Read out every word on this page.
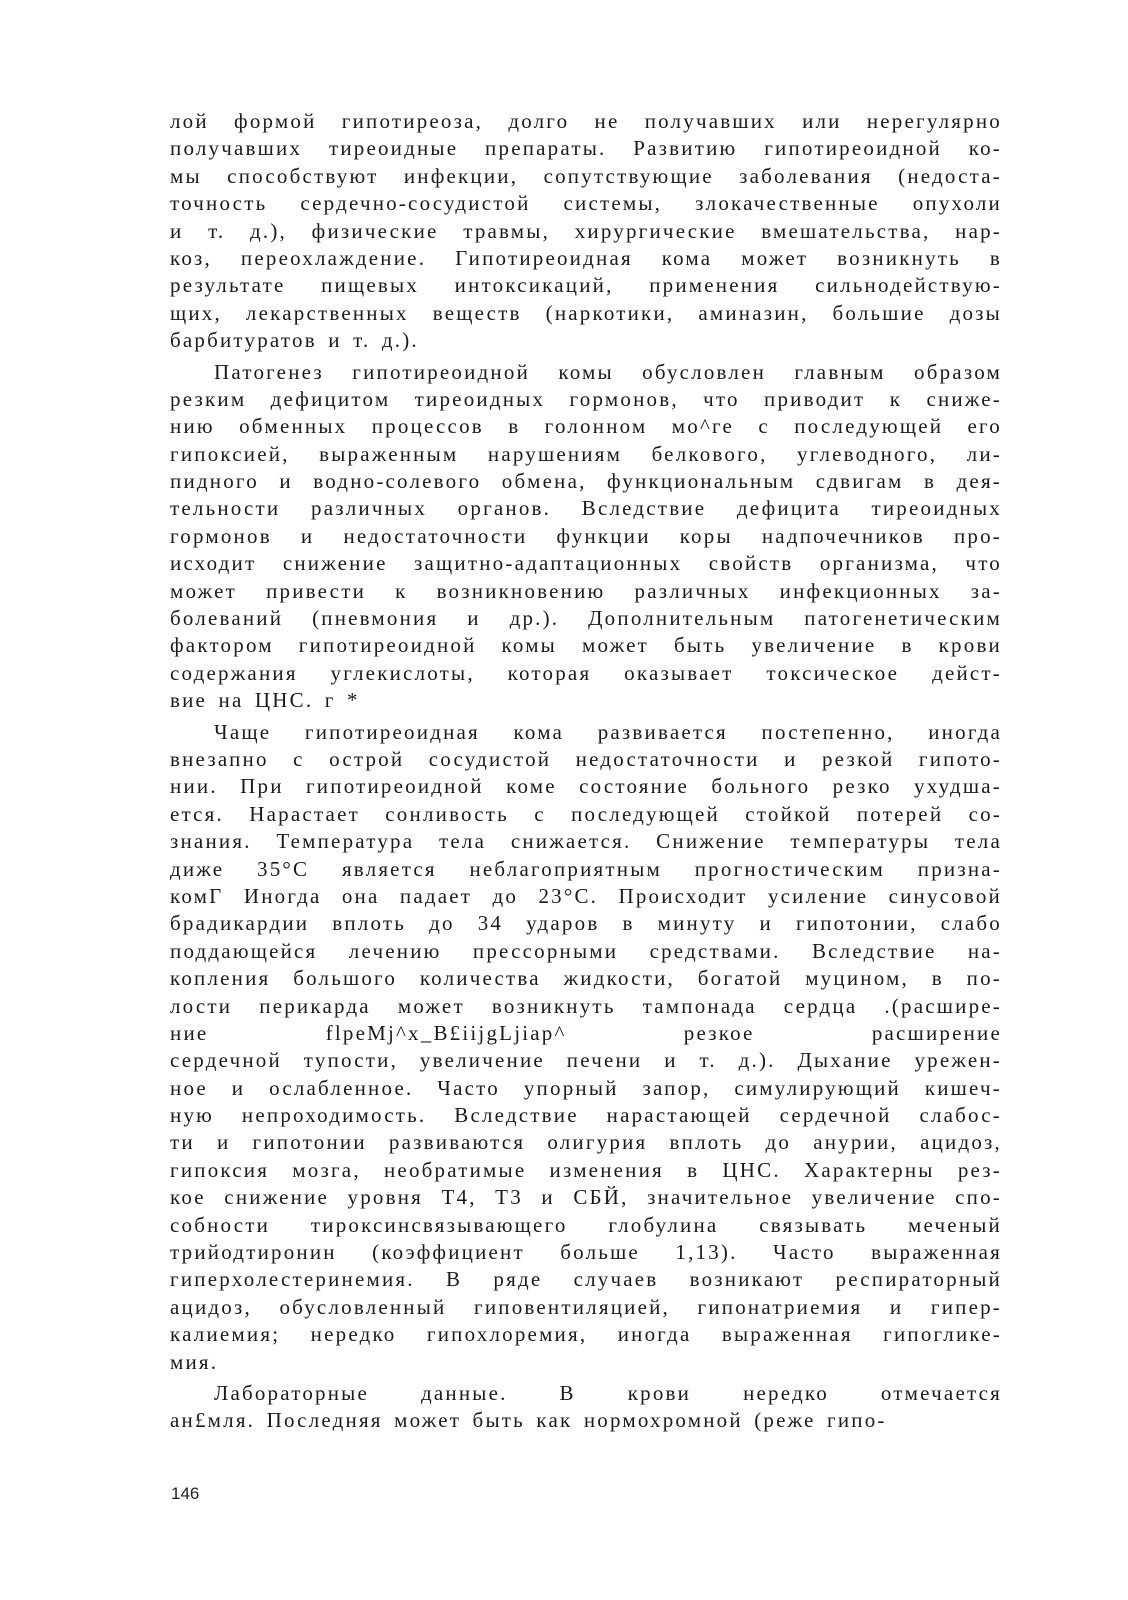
лой формой гипотиреоза, долго не получавших или нерегулярно
получавших тиреоидные препараты. Развитию гипотиреоидной ко-
мы способствуют инфекции, сопутствующие заболевания (недоста-
точность сердечно-сосудистой системы, злокачественные опухоли
и т. д.), физические травмы, хирургические вмешательства, нар-
коз, переохлаждение. Гипотиреоидная кома может возникнуть в
результате пищевых интоксикаций, применения сильнодействую-
щих, лекарственных веществ (наркотики, аминазин, большие дозы
барбитуратов и т. д.).
Патогенез гипотиреоидной комы обусловлен главным образом
резким дефицитом тиреоидных гормонов, что приводит к сниже-
нию обменных процессов в голонном мо^ге с последующей его
гипоксией, выраженным нарушениям белкового, углеводного, ли-
пидного и водно-солевого обмена, функциональным сдвигам в дея-
тельности различных органов. Вследствие дефицита тиреоидных
гормонов и недостаточности функции коры надпочечников про-
исходит снижение защитно-адаптационных свойств организма, что
может привести к возникновению различных инфекционных за-
болеваний (пневмония и др.). Дополнительным патогенетическим
фактором гипотиреоидной комы может быть увеличение в крови
содержания углекислоты, которая оказывает токсическое дейст-
вие на ЦНС. ᴦ *
Чаще гипотиреоидная кома развивается постепенно, иногда
внезапно с острой сосудистой недостаточности и резкой гипото-
нии. При гипотиреоидной коме состояние больного резко ухудша-
ется. Нарастает сонливость с последующей стойкой потерей со-
знания. Температура тела снижается. Снижение температуры тела
диже 35°С является неблагоприятным прогностическим призна-
комГ Иногда она падает до 23°С. Происходит усиление синусовой
брадикардии вплоть до 34 ударов в минуту и гипотонии, слабо
поддающейся лечению прессорными средствами. Вследствие на-
копления большого количества жидкости, богатой муцином, в по-
лости перикарда может возникнуть тампонада сердца .(расшире-
ние flpeMj^x_B£iijgLjiap^ резкое расширение
сердечной тупости, увеличение печени и т. д.). Дыхание урежен-
ное и ослабленное. Часто упорный запор, симулирующий кишеч-
ную непроходимость. Вследствие нарастающей сердечной слабос-
ти и гипотонии развиваются олигурия вплоть до анурии, ацидоз,
гипоксия мозга, необратимые изменения в ЦНС. Характерны рез-
кое снижение уровня Т4, Т3 и СБЙ, значительное увеличение спо-
собности тироксинсвязывающего глобулина связывать меченый
трийодтиронин (коэффициент больше 1,13). Часто выраженная
гиперхолестеринемия. В ряде случаев возникают респираторный
ацидоз, обусловленный гиповентиляцией, гипонатриемия и гипер-
калиемия; нередко гипохлоремия, иногда выраженная гипоглике-
мия.
Лабораторные данные. В крови нередко отмечается
ан£мля. Последняя может быть как нормохромной (реже гипо-
146
